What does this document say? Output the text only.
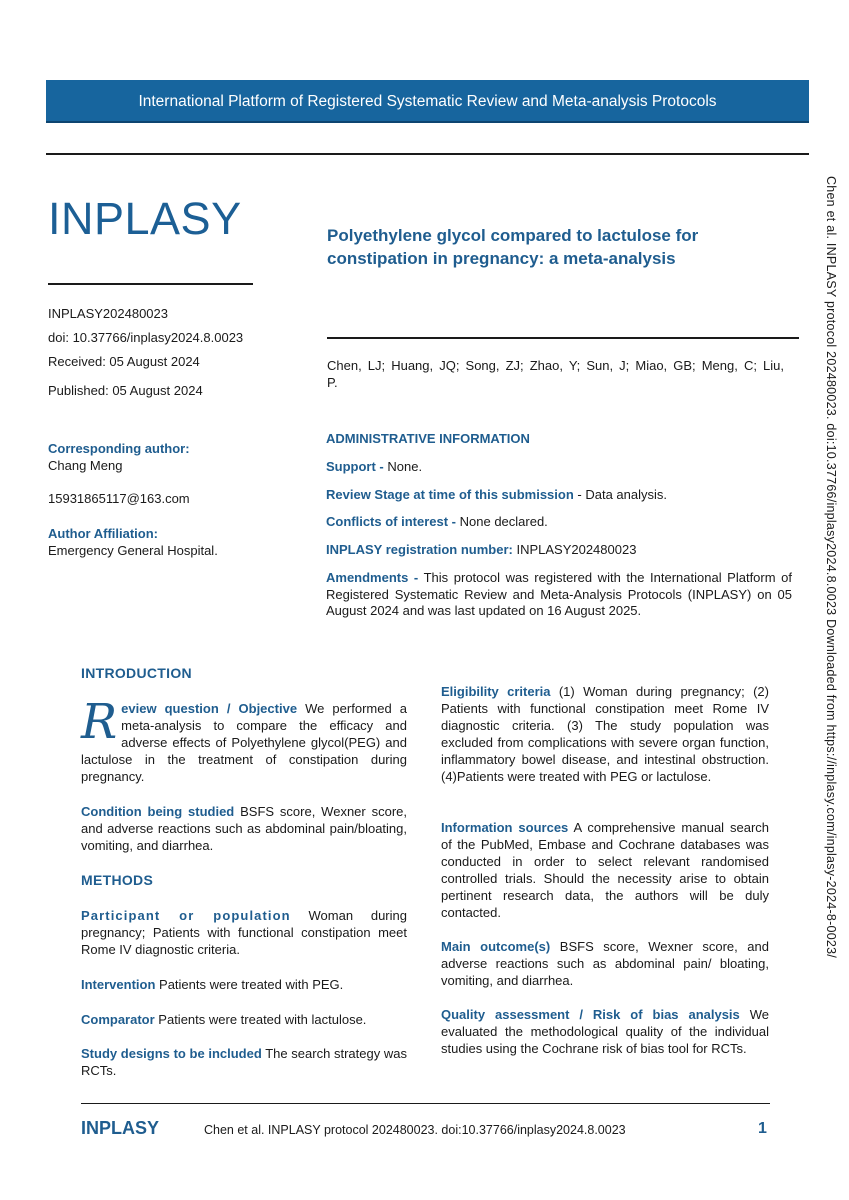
International Platform of Registered Systematic Review and Meta-analysis Protocols
INPLASY
INPLASY202480023
doi: 10.37766/inplasy2024.8.0023
Received: 05 August 2024
Published: 05 August 2024
Corresponding author:
Chang Meng
15931865117@163.com
Author Affiliation:
Emergency General Hospital.
Polyethylene glycol compared to lactulose for constipation in pregnancy: a meta-analysis
Chen, LJ; Huang, JQ; Song, ZJ; Zhao, Y; Sun, J; Miao, GB; Meng, C; Liu, P.
ADMINISTRATIVE INFORMATION
Support - None.
Review Stage at time of this submission - Data analysis.
Conflicts of interest - None declared.
INPLASY registration number: INPLASY202480023
Amendments - This protocol was registered with the International Platform of Registered Systematic Review and Meta-Analysis Protocols (INPLASY) on 05 August 2024 and was last updated on 16 August 2025.
INTRODUCTION
Review question / Objective We performed a meta-analysis to compare the efficacy and adverse effects of Polyethylene glycol(PEG) and lactulose in the treatment of constipation during pregnancy.
Condition being studied BSFS score, Wexner score, and adverse reactions such as abdominal pain/bloating, vomiting, and diarrhea.
METHODS
Participant or population Woman during pregnancy; Patients with functional constipation meet Rome IV diagnostic criteria.
Intervention Patients were treated with PEG.
Comparator Patients were treated with lactulose.
Study designs to be included The search strategy was RCTs.
Eligibility criteria (1) Woman during pregnancy; (2) Patients with functional constipation meet Rome IV diagnostic criteria. (3) The study population was excluded from complications with severe organ function, inflammatory bowel disease, and intestinal obstruction. (4)Patients were treated with PEG or lactulose.
Information sources A comprehensive manual search of the PubMed, Embase and Cochrane databases was conducted in order to select relevant randomised controlled trials. Should the necessity arise to obtain pertinent research data, the authors will be duly contacted.
Main outcome(s) BSFS score, Wexner score, and adverse reactions such as abdominal pain/ bloating, vomiting, and diarrhea.
Quality assessment / Risk of bias analysis We evaluated the methodological quality of the individual studies using the Cochrane risk of bias tool for RCTs.
Chen et al. INPLASY protocol 202480023. doi:10.37766/inplasy2024.8.0023 Downloaded from https://inplasy.com/inplasy-2024-8-0023/
INPLASY	Chen et al. INPLASY protocol 202480023. doi:10.37766/inplasy2024.8.0023	1
